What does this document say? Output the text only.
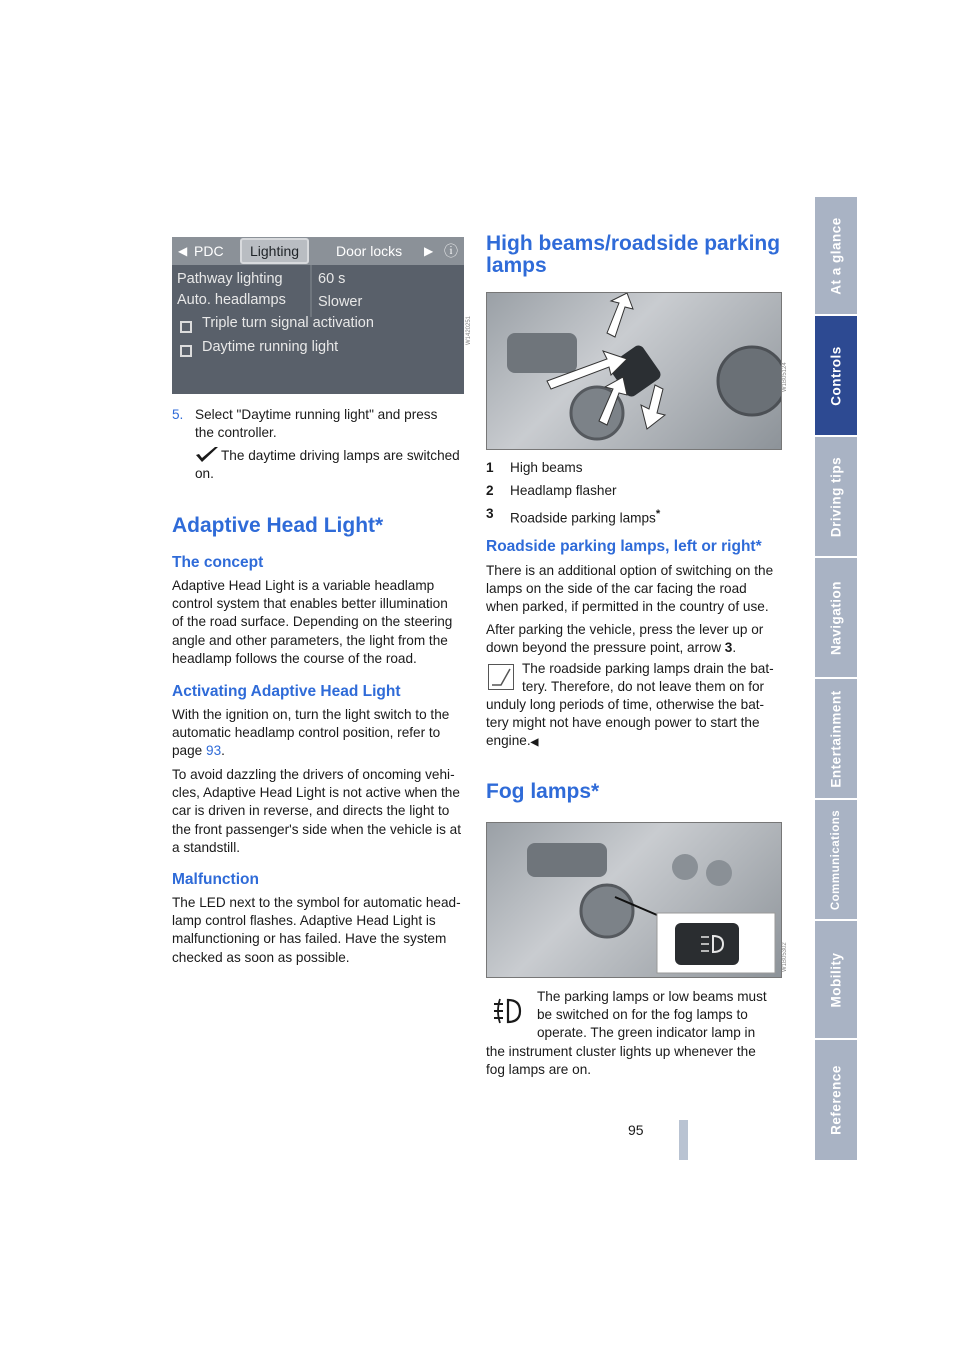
◀ PDC	Lighting	Door locks ▶ ⓘ
Pathway lighting 60 s
Auto. headlamps Slower
Triple turn signal activation
Daytime running light
W1420251
5. Select "Daytime running light" and press
the controller.
The daytime driving lamps are switched
on.
Adaptive Head Light*
The concept

Adaptive Head Light is a variable headlamp

control system that enables better illumination

of the road surface. Depending on the steering

angle and other parameters, the light from the

headlamp follows the course of the road.

Activating Adaptive Head Light

With the ignition on, turn the light switch to the

automatic headlamp control position, refer to

page 93.

To avoid dazzling the drivers of oncoming vehi-

cles, Adaptive Head Light is not active when the

car is driven in reverse, and directs the light to

the front passenger's side when the vehicle is at

a standstill.

Malfunction

The LED next to the symbol for automatic head-

lamp control flashes. Adaptive Head Light is

malfunctioning or has failed. Have the system

checked as soon as possible.

High beams/roadside parking
lamps
W1B05124
1 High beams
2 Headlamp flasher
3 Roadside parking lamps*
Roadside parking lamps, left or right*

There is an additional option of switching on the

lamps on the side of the car facing the road

when parked, if permitted in the country of use.

After parking the vehicle, press the lever up or

down beyond the pressure point, arrow 3.

The roadside parking lamps drain the bat-

tery. Therefore, do not leave them on for

unduly long periods of time, otherwise the bat-

tery might not have enough power to start the

engine.◀

Fog lamps*
W1B05302

The parking lamps or low beams must

be switched on for the fog lamps to

operate. The green indicator lamp in

the instrument cluster lights up whenever the

fog lamps are on.

95
At a glance
Controls
Driving tips
Navigation
Entertainment
Communications
Mobility
Reference
